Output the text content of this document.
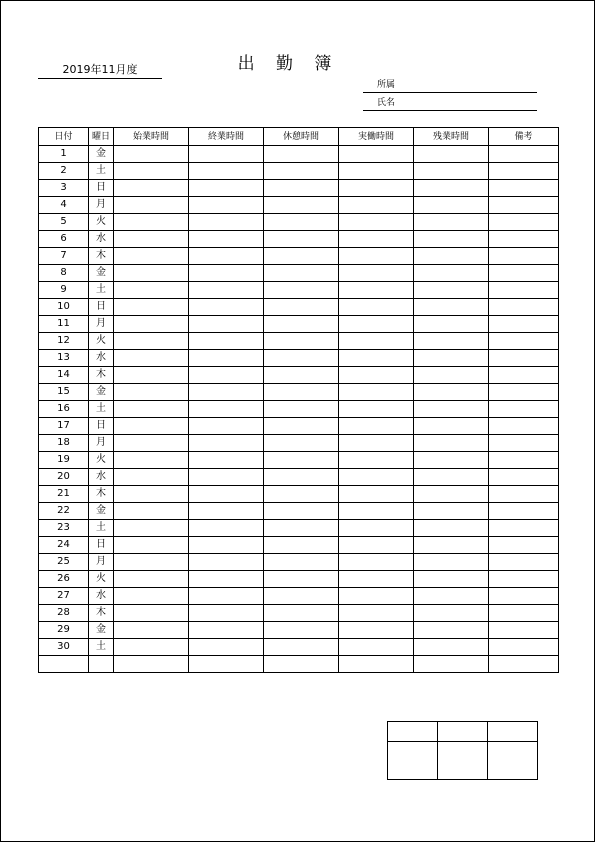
出 勤 簿
2019年11月度
所属
氏名
日付	曜日	始業時間	終業時間	休憩時間	実働時間	残業時間	備考
1	金						
2	土						
3	日						
4	月						
5	火						
6	水						
7	木						
8	金						
9	土						
10	日						
11	月						
12	火						
13	水						
14	木						
15	金						
16	土						
17	日						
18	月						
19	火						
20	水						
21	木						
22	金						
23	土						
24	日						
25	月						
26	火						
27	水						
28	木						
29	金						
30	土						
